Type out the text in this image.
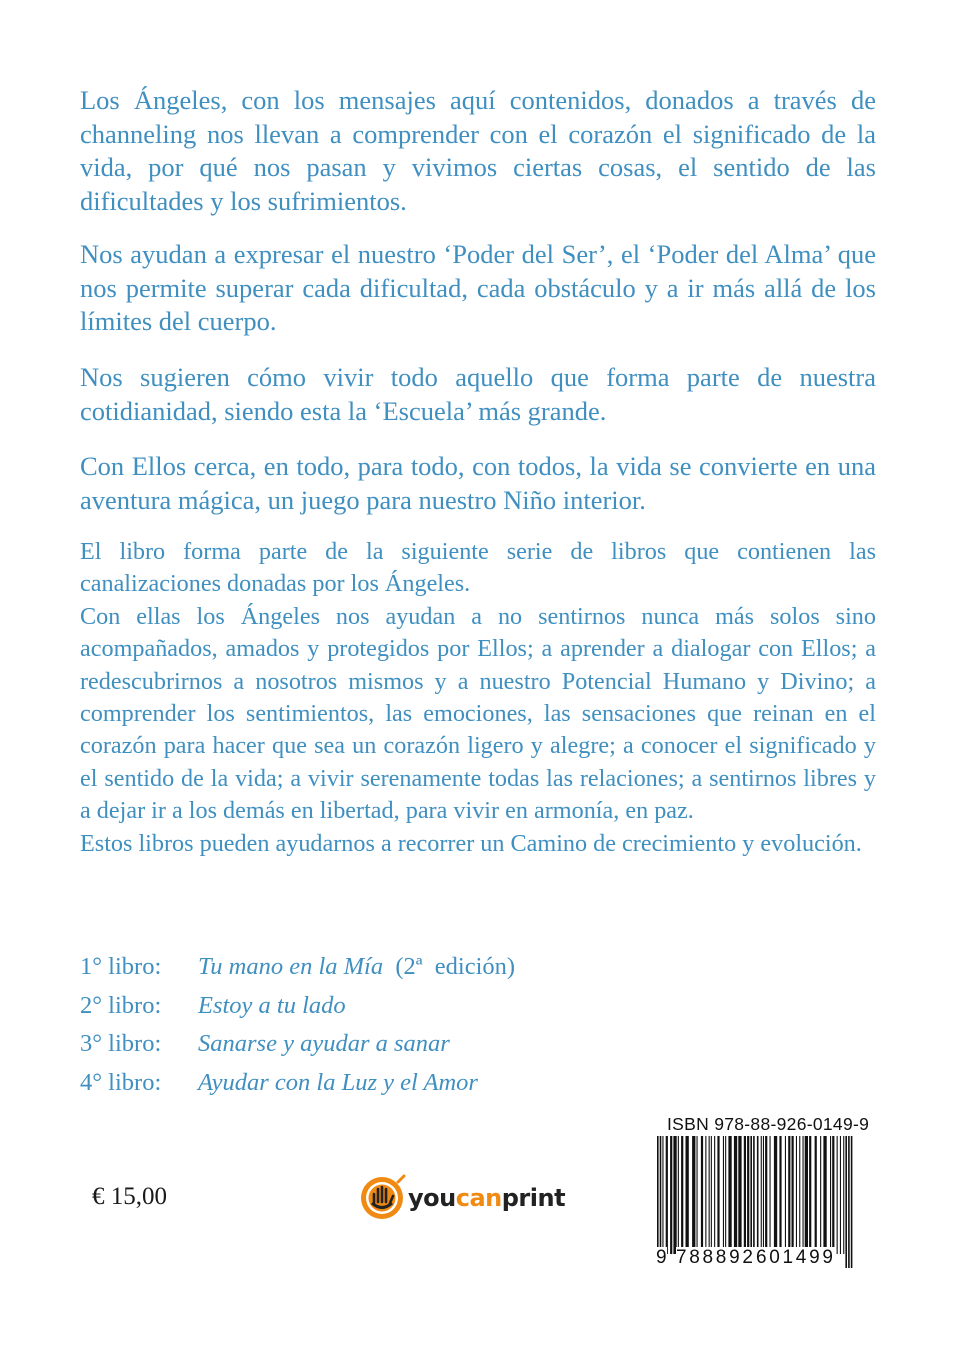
Los Ángeles, con los mensajes aquí contenidos, donados a través de channeling nos llevan a comprender con el corazón el significado de la vida, por qué nos pasan y vivimos ciertas cosas, el sentido de las dificultades y los sufrimientos.

Nos ayudan a expresar el nuestro ‘Poder del Ser’, el ‘Poder del Alma’ que nos permite superar cada dificultad, cada obstáculo y a ir más allá de los límites del cuerpo.

Nos sugieren cómo vivir todo aquello que forma parte de nuestra cotidianidad, siendo esta la ‘Escuela’ más grande.

Con Ellos cerca, en todo, para todo, con todos, la vida se convierte en una aventura mágica, un juego para nuestro Niño interior.

El libro forma parte de la siguiente serie de libros que contienen las canalizaciones donadas por los Ángeles.
Con ellas los Ángeles nos ayudan a no sentirnos nunca más solos sino acompañados, amados y protegidos por Ellos; a aprender a dialogar con Ellos; a redescubrirnos a nosotros mismos y a nuestro Potencial Humano y Divino; a comprender los sentimientos, las emociones, las sensaciones que reinan en el corazón para hacer que sea un corazón ligero y alegre; a conocer el significado y el sentido de la vida; a vivir serenamente todas las relaciones; a sentirnos libres y a dejar ir a los demás en libertad, para vivir en armonía, en paz.
Estos libros pueden ayudarnos a recorrer un Camino de crecimiento y evolución.
1° libro: Tu mano en la Mía  (2ª  edición)
2° libro: Estoy a tu lado
3° libro: Sanarse y ayudar a sanar
4° libro: Ayudar con la Luz y el Amor
€ 15,00	youcanprint
ISBN 978-88-926-0149-9
9 788892 601499
